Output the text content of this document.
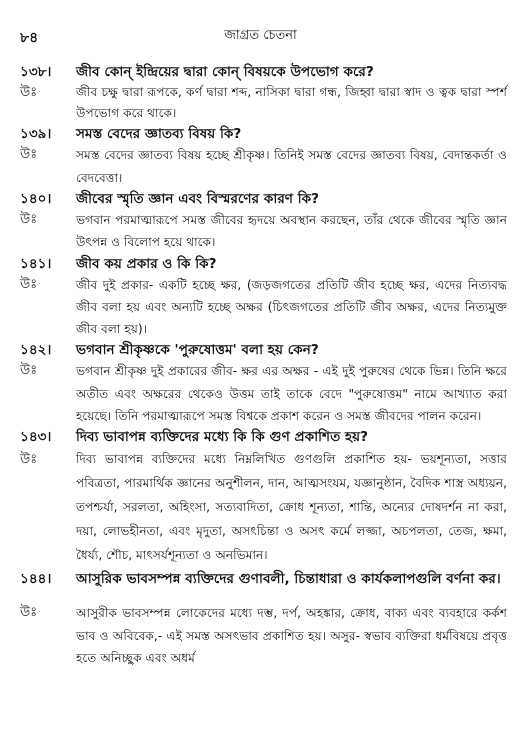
৮৪	জাগ্রত চেতনা
১৩৮।	জীব কোন্‌ ইন্দ্রিয়ের দ্বারা কোন্‌ বিষয়কে উপভোগ করে?
উঃ	জীব চক্ষু দ্বারা রূপকে, কর্ণ দ্বারা শব্দ, নাসিকা দ্বারা গন্ধ, জিহ্বা দ্বারা স্বাদ ও ত্বক দ্বারা স্পর্শ উপভোগ করে থাকে।
১৩৯।	সমস্ত বেদের জ্ঞাতব্য বিষয় কি?
উঃ	সমস্ত বেদের জ্ঞাতব্য বিষয় হচ্ছে শ্রীকৃষ্ণ। তিনিই সমস্ত বেদের জ্ঞাতব্য বিষয়, বেদান্তকর্তা ও বেদবেত্তা।
১৪০।	জীবের স্মৃতি জ্ঞান এবং বিস্মরণের কারণ কি?
উঃ	ভগবান পরমাত্মারূপে সমস্ত জীবের হৃদয়ে অবস্থান করছেন, তাঁর থেকে জীবের স্মৃতি জ্ঞান উৎপন্ন ও বিলোপ হয়ে থাকে।
১৪১।	জীব কয় প্রকার ও কি কি?
উঃ	জীব দুই প্রকার- একটি হচ্ছে ক্ষর, (জড়জগতের প্রতিটি জীব হচ্ছে ক্ষর, এদের নিত্যবদ্ধ জীব বলা হয় এবং অন্যটি হচ্ছে অক্ষর (চিৎজগতের প্রতিটি জীব অক্ষর, এদের নিত্যমুক্ত জীব বলা হয়)।
১৪২।	ভগবান শ্রীকৃষ্ণকে 'পুরুষোত্তম' বলা হয় কেন?
উঃ	ভগবান শ্রীকৃষ্ণ দুই প্রকারের জীব- ক্ষর এর অক্ষর - এই দুই পুরুষের থেকে ভিন্ন। তিনি ক্ষরে অতীত এবং অক্ষরের থেকেও উত্তম তাই তাকে বেদে "পুরুষোত্তম" নামে আখ্যাত করা হয়েছে। তিনি পরমাত্মারূপে সমস্ত বিশ্বকে প্রকাশ করেন ও সমস্ত জীবদের পালন করেন।
১৪৩।	দিব্য ভাবাপন্ন ব্যক্তিদের মধ্যে কি কি গুণ প্রকাশিত হয়?
উঃ	দিব্য ভাবাপন্ন ব্যক্তিদের মধ্যে নিম্নলিখিত গুণগুলি প্রকাশিত হয়- ভয়শূন্যতা, সত্তার পবিত্রতা, পারমার্থিক জ্ঞানের অনুশীলন, দান, আত্মসংযম, যজ্ঞানুষ্ঠান, বৈদিক শাস্ত্র অধ্যয়ন, তপশ্চর্যা, সরলতা, অহিংসা, সত্যবাদিতা, ক্রোধ শূন্যতা, শান্তি, অন্যের দোষদর্শন না করা, দয়া, লোভহীনতা, এবং মৃদুতা, অসৎচিন্তা ও অসৎ কর্মে লজ্জা, অচপলতা, তেজ, ক্ষমা, ধৈর্য্য, শৌচ, মাৎসর্যশূন্যতা ও অনভিমান।
১৪৪।	আসুরিক ভাবসম্পন্ন ব্যক্তিদের গুণাবলী, চিন্তাধারা ও কার্যকলাপগুলি বর্ণনা কর।
উঃ	আসুরীক ভাবসম্পন্ন লোকেদের মধ্যে দম্ভ, দর্প, অহঙ্কার, ক্রোধ, বাক্য এবং ব্যবহারে কর্কশ ভাব ও অবিবেক,- এই সমস্ত অসৎভাব প্রকাশিত হয়। অসুর- স্বভাব ব্যক্তিরা ধর্মবিষয়ে প্রবৃত্ত হতে অনিচ্ছুক এবং অধর্ম
